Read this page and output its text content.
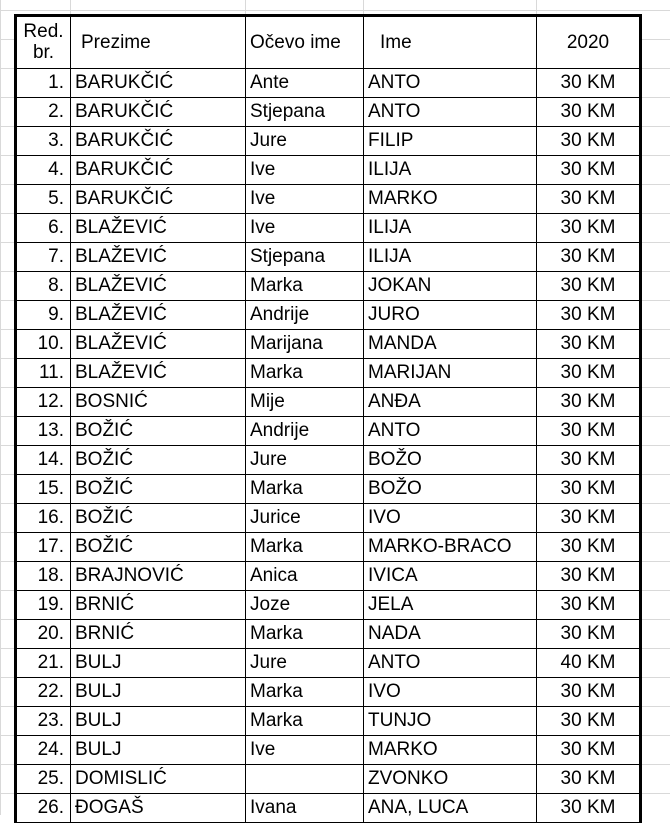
Red. br.	Prezime	Očevo ime	Ime	2020
1.	BARUKČIĆ	Ante	ANTO	30 KM
2.	BARUKČIĆ	Stjepana	ANTO	30 KM
3.	BARUKČIĆ	Jure	FILIP	30 KM
4.	BARUKČIĆ	Ive	ILIJA	30 KM
5.	BARUKČIĆ	Ive	MARKO	30 KM
6.	BLAŽEVIĆ	Ive	ILIJA	30 KM
7.	BLAŽEVIĆ	Stjepana	ILIJA	30 KM
8.	BLAŽEVIĆ	Marka	JOKAN	30 KM
9.	BLAŽEVIĆ	Andrije	JURO	30 KM
10.	BLAŽEVIĆ	Marijana	MANDA	30 KM
11.	BLAŽEVIĆ	Marka	MARIJAN	30 KM
12.	BOSNIĆ	Mije	ANĐA	30 KM
13.	BOŽIĆ	Andrije	ANTO	30 KM
14.	BOŽIĆ	Jure	BOŽO	30 KM
15.	BOŽIĆ	Marka	BOŽO	30 KM
16.	BOŽIĆ	Jurice	IVO	30 KM
17.	BOŽIĆ	Marka	MARKO-BRACO	30 KM
18.	BRAJNOVIĆ	Anica	IVICA	30 KM
19.	BRNIĆ	Joze	JELA	30 KM
20.	BRNIĆ	Marka	NADA	30 KM
21.	BULJ	Jure	ANTO	40 KM
22.	BULJ	Marka	IVO	30 KM
23.	BULJ	Marka	TUNJO	30 KM
24.	BULJ	Ive	MARKO	30 KM
25.	DOMISLIĆ		ZVONKO	30 KM
26.	ĐOGAŠ	Ivana	ANA, LUCA	30 KM
